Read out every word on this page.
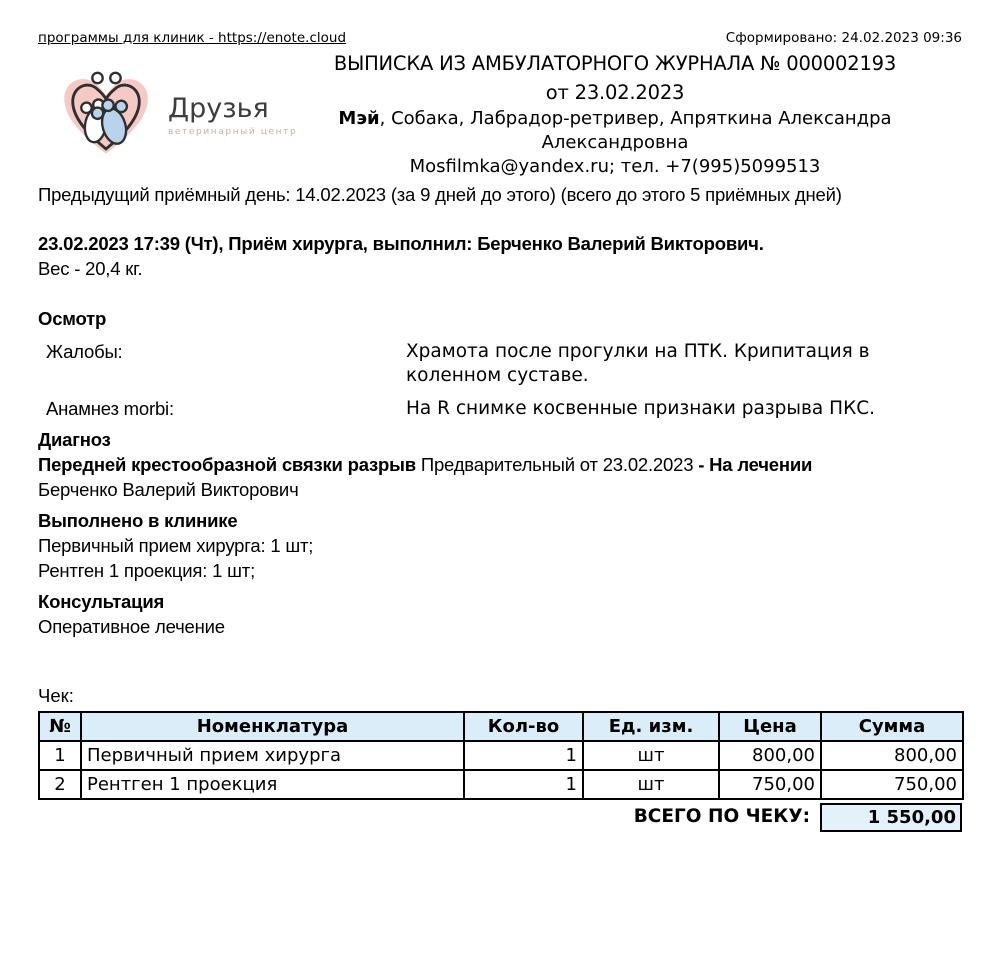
программы для клиник - https://enote.cloud	Сформировано: 24.02.2023 09:36
Друзья
ветеринарный центр
ВЫПИСКА ИЗ АМБУЛАТОРНОГО ЖУРНАЛА № 000002193
от 23.02.2023
Мэй, Собака, Лабрадор-ретривер, Апряткина Александра Александровна
Mosfilmka@yandex.ru; тел. +7(995)5099513
Предыдущий приёмный день: 14.02.2023 (за 9 дней до этого) (всего до этого 5 приёмных дней)
23.02.2023 17:39 (Чт), Приём хирурга, выполнил: Берченко Валерий Викторович.
Вес - 20,4 кг.
Осмотр
Жалобы:	Храмота после прогулки на ПТК. Крипитация в коленном суставе.
Анамнез morbi:	На R снимке косвенные признаки разрыва ПКС.
Диагноз
Передней крестообразной связки разрыв Предварительный от 23.02.2023 - На лечении
Берченко Валерий Викторович
Выполнено в клинике
Первичный прием хирурга: 1 шт;
Рентген 1 проекция: 1 шт;
Консультация
Оперативное лечение
Чек:
№	Номенклатура	Кол-во	Ед. изм.	Цена	Сумма
1	Первичный прием хирурга	1	шт	800,00	800,00
2	Рентген 1 проекция	1	шт	750,00	750,00
ВСЕГО ПО ЧЕКУ:	1 550,00
